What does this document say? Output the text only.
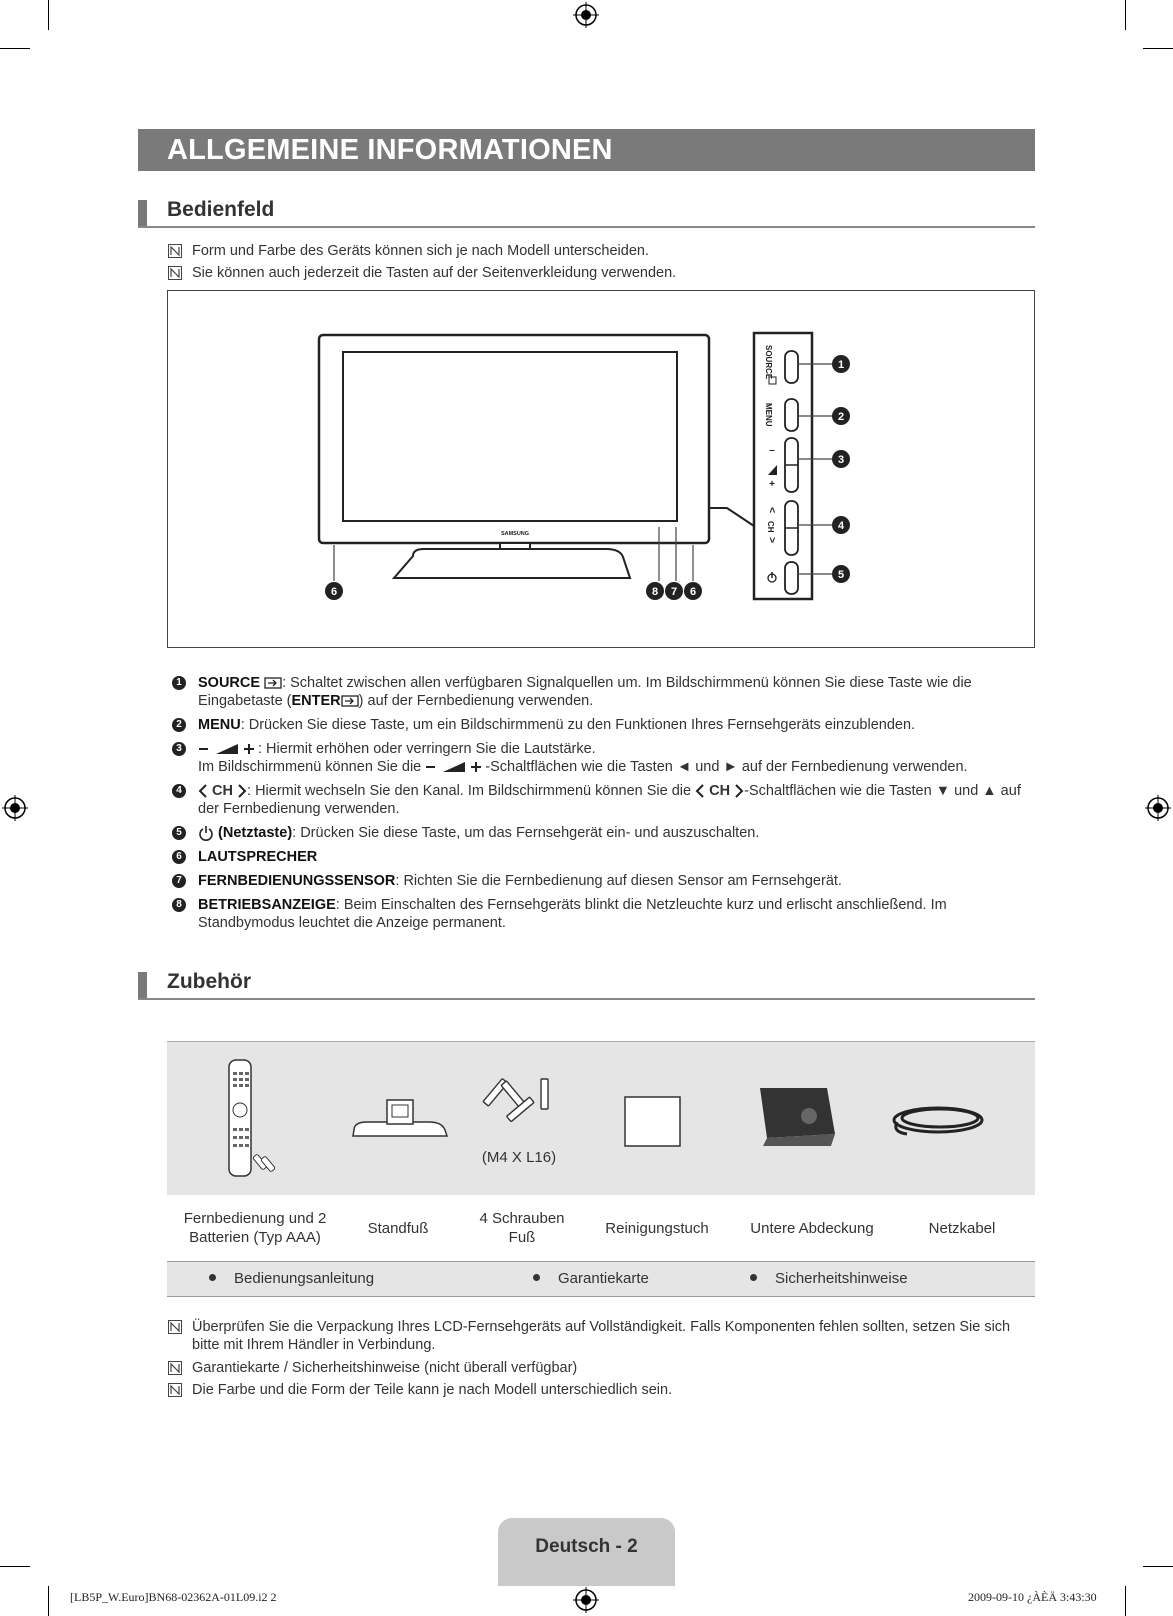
ALLGEMEINE INFORMATIONEN
Bedienfeld
Form und Farbe des Geräts können sich je nach Modell unterscheiden.
Sie können auch jederzeit die Tasten auf der Seitenverkleidung verwenden.
SAMSUNG
SOURCE
MENU
–
+
<
CH
>
1
2
3
4
5
6	8 7 6
1 SOURCE : Schaltet zwischen allen verfügbaren Signalquellen um. Im Bildschirmmenü können Sie diese Taste wie die Eingabetaste (ENTER ) auf der Fernbedienung verwenden.
2 MENU: Drücken Sie diese Taste, um ein Bildschirmmenü zu den Funktionen Ihres Fernsehgeräts einzublenden.
3	: Hiermit erhöhen oder verringern Sie die Lautstärke.
Im Bildschirmmenü können Sie die	-Schaltflächen wie die Tasten ◄ und ► auf der Fernbedienung verwenden.
4	CH : Hiermit wechseln Sie den Kanal. Im Bildschirmmenü können Sie die CH -Schaltflächen wie die Tasten ▼ und ▲ auf der Fernbedienung verwenden.
5	(Netztaste): Drücken Sie diese Taste, um das Fernsehgerät ein- und auszuschalten.
6 LAUTSPRECHER
7 FERNBEDIENUNGSSENSOR: Richten Sie die Fernbedienung auf diesen Sensor am Fernsehgerät.
8 BETRIEBSANZEIGE: Beim Einschalten des Fernsehgeräts blinkt die Netzleuchte kurz und erlischt anschließend. Im Standbymodus leuchtet die Anzeige permanent.
Zubehör
(M4 X L16)
Fernbedienung und 2 Batterien (Typ AAA)
Standfuß
4 Schrauben Fuß
Reinigungstuch	Untere Abdeckung	Netzkabel
Bedienungsanleitung	Garantiekarte	Sicherheitshinweise
Überprüfen Sie die Verpackung Ihres LCD-Fernsehgeräts auf Vollständigkeit. Falls Komponenten fehlen sollten, setzen Sie sich bitte mit Ihrem Händler in Verbindung.
Garantiekarte / Sicherheitshinweise (nicht überall verfügbar)
Die Farbe und die Form der Teile kann je nach Modell unterschiedlich sein.
Deutsch - 2
[LB5P_W.Euro]BN68-02362A-01L09.i2 2	2009-09-10 ¿ÀÈÄ 3:43:30
